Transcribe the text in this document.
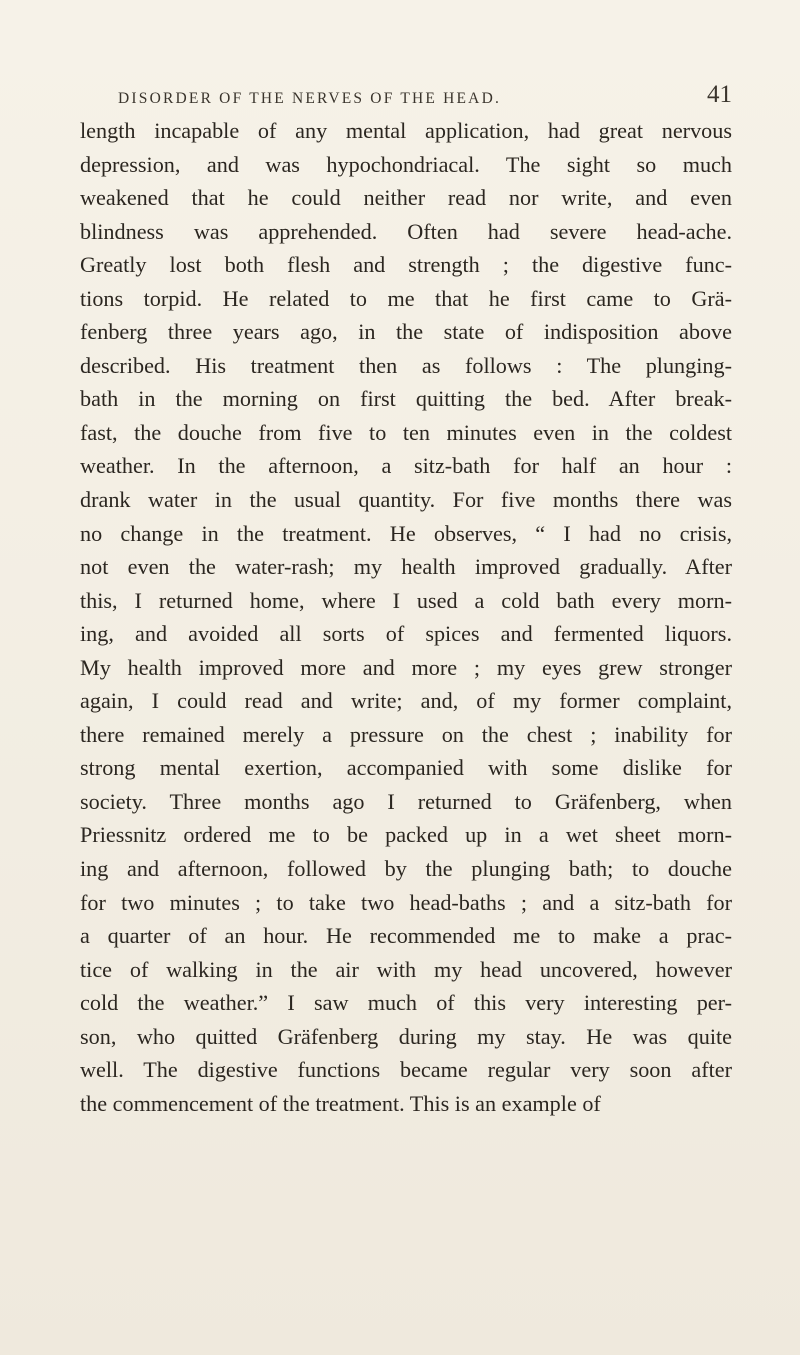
DISORDER OF THE NERVES OF THE HEAD.	41
length incapable of any mental application, had great nervous
depression, and was hypochondriacal. The sight so much
weakened that he could neither read nor write, and even
blindness was apprehended. Often had severe head-ache.
Greatly lost both flesh and strength ; the digestive func-
tions torpid. He related to me that he first came to Grä-
fenberg three years ago, in the state of indisposition above
described. His treatment then as follows : The plunging-
bath in the morning on first quitting the bed. After break-
fast, the douche from five to ten minutes even in the coldest
weather. In the afternoon, a sitz-bath for half an hour :
drank water in the usual quantity. For five months there was
no change in the treatment. He observes, “ I had no crisis,
not even the water-rash; my health improved gradually. After
this, I returned home, where I used a cold bath every morn-
ing, and avoided all sorts of spices and fermented liquors.
My health improved more and more ; my eyes grew stronger
again, I could read and write; and, of my former complaint,
there remained merely a pressure on the chest ; inability for
strong mental exertion, accompanied with some dislike for
society. Three months ago I returned to Gräfenberg, when
Priessnitz ordered me to be packed up in a wet sheet morn-
ing and afternoon, followed by the plunging bath; to douche
for two minutes ; to take two head-baths ; and a sitz-bath for
a quarter of an hour. He recommended me to make a prac-
tice of walking in the air with my head uncovered, however
cold the weather.” I saw much of this very interesting per-
son, who quitted Gräfenberg during my stay. He was quite
well. The digestive functions became regular very soon after
the commencement of the treatment. This is an example of
